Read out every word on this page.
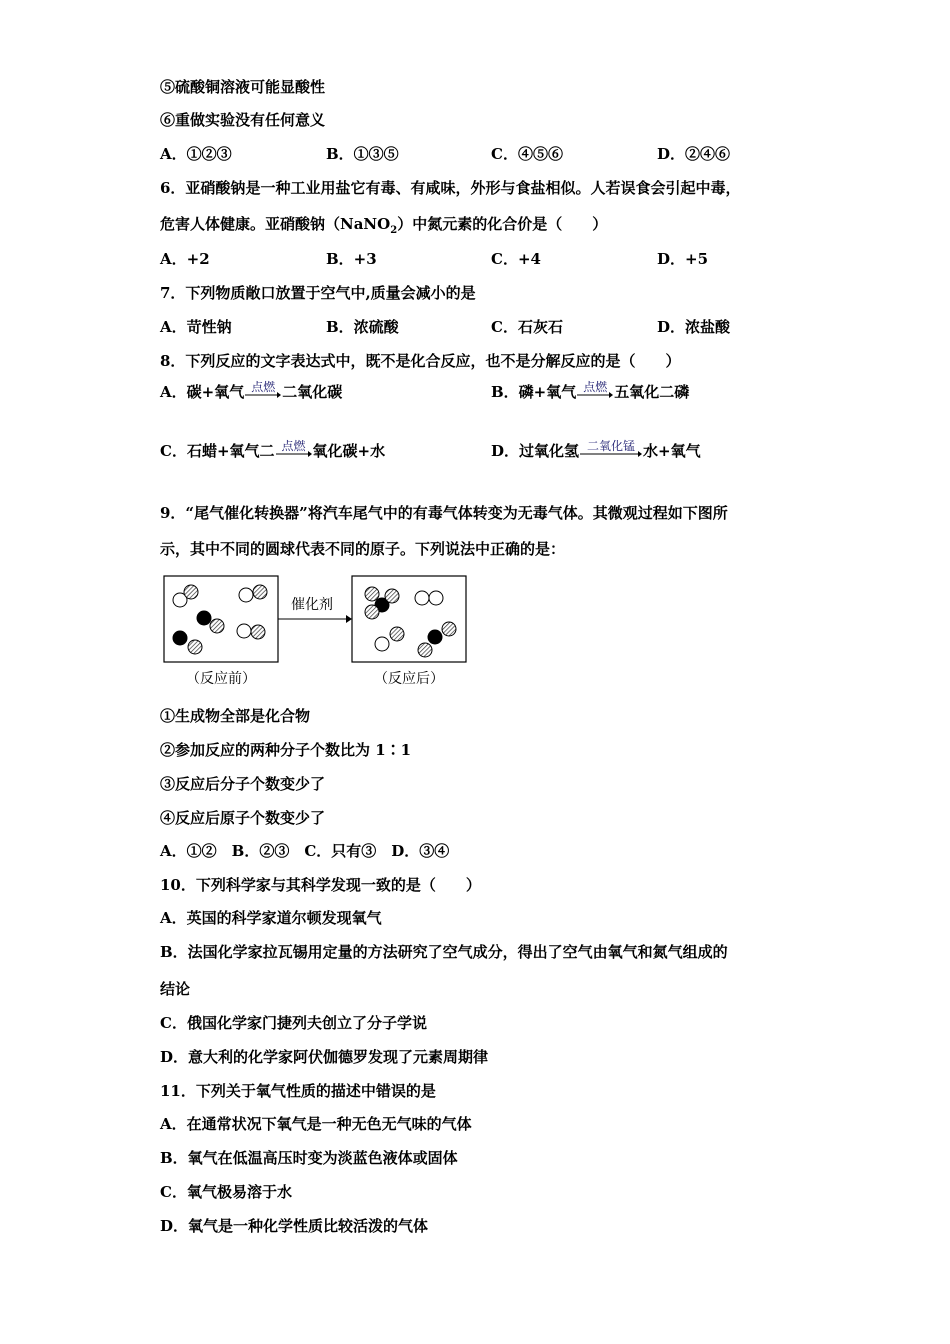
⑤硫酸铜溶液可能显酸性
⑥重做实验没有任何意义
A．①②③	B．①③⑤	C．④⑤⑥	D．②④⑥
6．亚硝酸钠是一种工业用盐它有毒、有咸味，外形与食盐相似。人若误食会引起中毒，
危害人体健康。亚硝酸钠（NaNO$_2$）中氮元素的化合价是（　　）
A．+2	B．+3	C．+4	D．+5
7．下列物质敞口放置于空气中,质量会减小的是
A．苛性钠	B．浓硫酸	C．石灰石	D．浓盐酸
8．下列反应的文字表达式中，既不是化合反应，也不是分解反应的是（　　）
A．碳+氧气 点燃 二氧化碳	B．磷+氧气 点燃 五氧化二磷
C．石蜡+氧气二 点燃 氧化碳+水	D．过氧化氢 二氧化锰 水+氧气
9．“尾气催化转换器”将汽车尾气中的有毒气体转变为无毒气体。其微观过程如下图所
示，其中不同的圆球代表不同的原子。下列说法中正确的是：
催化剂
（反应前）	（反应后）
①生成物全部是化合物
②参加反应的两种分子个数比为 1∶1
③反应后分子个数变少了
④反应后原子个数变少了
A．①②　B．②③　C．只有③　D．③④
10．下列科学家与其科学发现一致的是（　　）
A．英国的科学家道尔顿发现氧气
B．法国化学家拉瓦锡用定量的方法研究了空气成分，得出了空气由氧气和氮气组成的
结论
C．俄国化学家门捷列夫创立了分子学说
D．意大利的化学家阿伏伽德罗发现了元素周期律
11．下列关于氧气性质的描述中错误的是
A．在通常状况下氧气是一种无色无气味的气体
B．氧气在低温高压时变为淡蓝色液体或固体
C．氧气极易溶于水
D．氧气是一种化学性质比较活泼的气体
